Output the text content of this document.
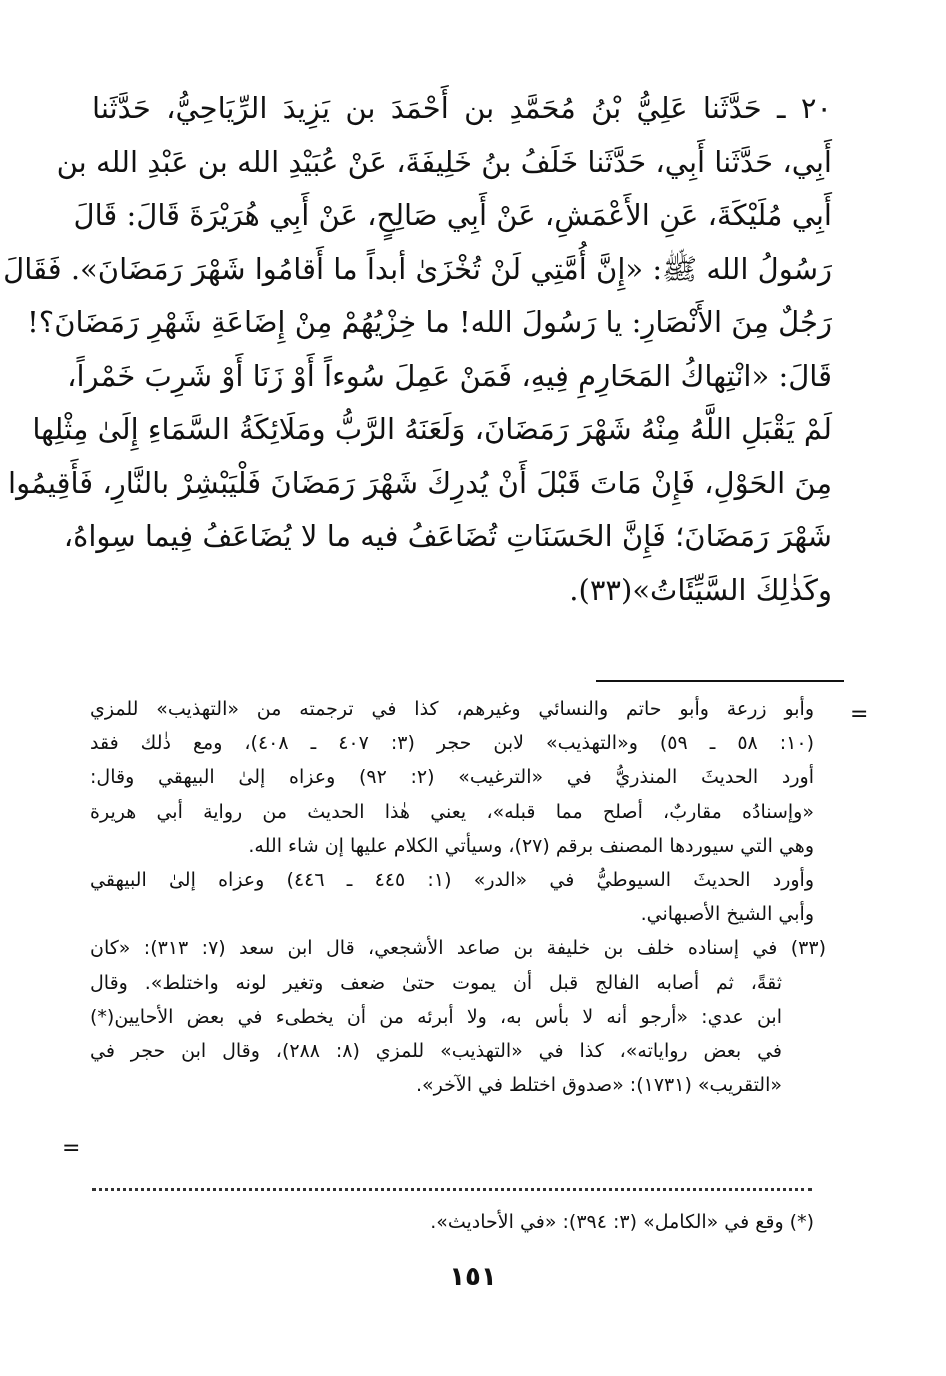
٢٠ ـ حَدَّثَنا عَلِيُّ بْنُ مُحَمَّدِ بن أَحْمَدَ بن يَزِيدَ الرِّيَاحِيُّ، حَدَّثَنا
أَبِي، حَدَّثَنا أَبِي، حَدَّثَنا خَلَفُ بنُ خَلِيفَةَ، عَنْ عُبَيْدِ الله بن عَبْدِ الله بن
أَبِي مُلَيْكَةَ، عَنِ الأَعْمَشِ، عَنْ أَبِي صَالِحٍ، عَنْ أَبِي هُرَيْرَةَ قَالَ: قَالَ
رَسُولُ الله ﷺ: «إِنَّ أُمَّتِي لَنْ تُخْزَىٰ أبداً ما أَقامُوا شَهْرَ رَمَضَانَ». فَقَالَ
رَجُلٌ مِنَ الأَنْصَارِ: يا رَسُولَ الله! ما خِزْيُهُمْ مِنْ إِضَاعَةِ شَهْرِ رَمَضَانَ؟!
قَالَ: «انْتِهاكُ المَحَارِمِ فِيهِ، فَمَنْ عَمِلَ سُوءاً أَوْ زَنَا أَوْ شَرِبَ خَمْراً،
لَمْ يَقْبَلِ اللَّهُ مِنْهُ شَهْرَ رَمَضَانَ، وَلَعَنَهُ الرَّبُّ ومَلَائِكَةُ السَّمَاءِ إِلَىٰ مِثْلِها
مِنَ الحَوْلِ، فَإِنْ مَاتَ قَبْلَ أَنْ يُدرِكَ شَهْرَ رَمَضَانَ فَلْيَبْشِرْ بالنَّارِ، فَأَقِيمُوا
شَهْرَ رَمَضَانَ؛ فَإِنَّ الحَسَنَاتِ تُضَاعَفُ فيه ما لا يُضَاعَفُ فِيما سِواهُ،
وكَذٰلِكَ السَّيِّئَاتُ»(٣٣).
=
وأبو زرعة وأبو حاتم والنسائي وغيرهم، كذا في ترجمته من «التهذيب» للمزي
(١٠: ٥٨ ـ ٥٩) و«التهذيب» لابن حجر (٣: ٤٠٧ ـ ٤٠٨)، ومع ذٰلك فقد
أورد الحديثَ المنذريُّ في «الترغيب» (٢: ٩٢) وعزاه إلىٰ البيهقي وقال:
«وإسنادُه مقاربٌ، أصلح مما قبله»، يعني هٰذا الحديث من رواية أبي هريرة
وهي التي سيوردها المصنف برقم (٢٧)، وسيأتي الكلام عليها إن شاء الله.
وأورد الحديثَ السيوطيُّ في «الدر» (١: ٤٤٥ ـ ٤٤٦) وعزاه إلىٰ البيهقي
وأبي الشيخ الأصبهاني.
(٣٣) في إسناده خلف بن خليفة بن صاعد الأشجعي، قال ابن سعد (٧: ٣١٣): «كان
ثقةً، ثم أصابه الفالج قبل أن يموت حتىٰ ضعف وتغير لونه واختلط». وقال
ابن عدي: «أرجو أنه لا بأس به، ولا أبرئه من أن يخطىء في بعض الأحايين(*)
في بعض رواياته»، كذا في «التهذيب» للمزي (٨: ٢٨٨)، وقال ابن حجر في
«التقريب» (١٧٣١): «صدوق اختلط في الآخر».
=
(*) وقع في «الكامل» (٣: ٣٩٤): «في الأحاديث».
١٥١
